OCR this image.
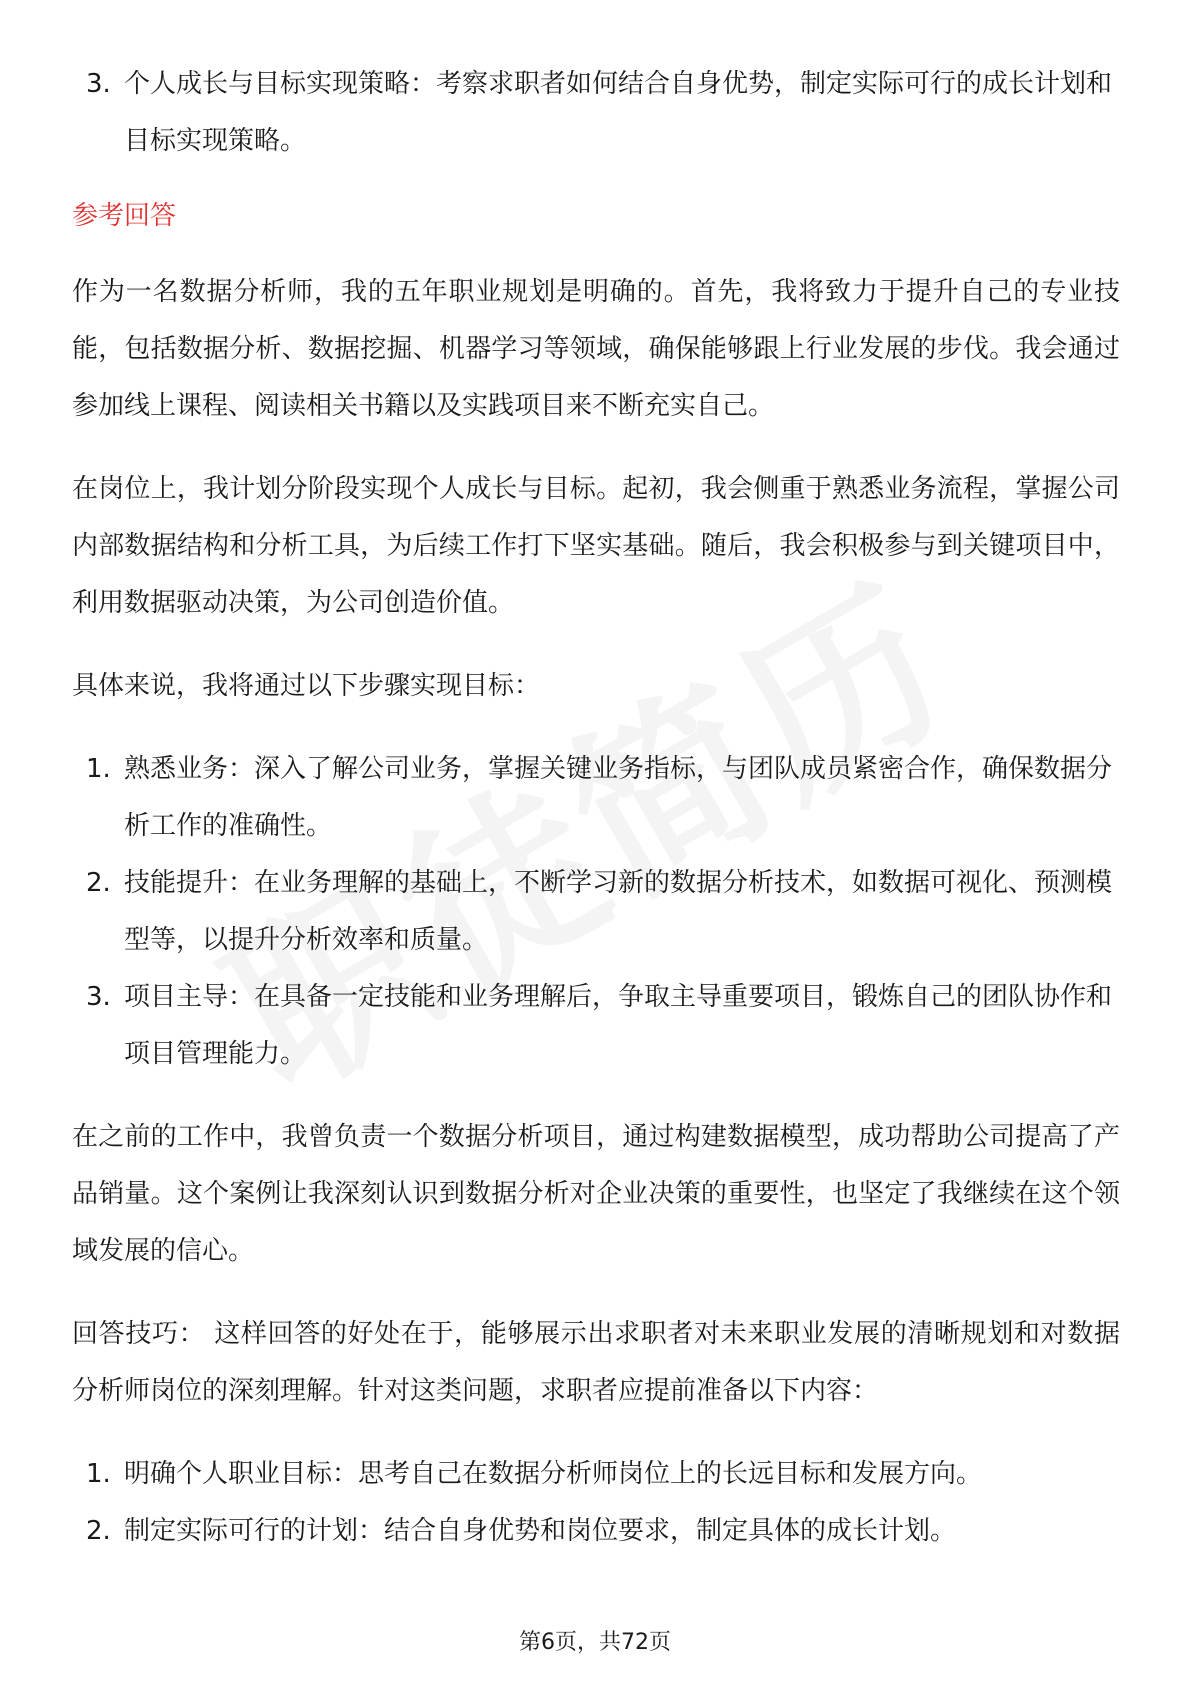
3. 个人成长与目标实现策略：考察求职者如何结合自身优势，制定实际可行的成长计划和目标实现策略。
参考回答

作为一名数据分析师，我的五年职业规划是明确的。首先，我将致力于提升自己的专业技能，包括数据分析、数据挖掘、机器学习等领域，确保能够跟上行业发展的步伐。我会通过参加线上课程、阅读相关书籍以及实践项目来不断充实自己。

在岗位上，我计划分阶段实现个人成长与目标。起初，我会侧重于熟悉业务流程，掌握公司内部数据结构和分析工具，为后续工作打下坚实基础。随后，我会积极参与到关键项目中，利用数据驱动决策，为公司创造价值。

具体来说，我将通过以下步骤实现目标：

1. 熟悉业务：深入了解公司业务，掌握关键业务指标，与团队成员紧密合作，确保数据分析工作的准确性。
2. 技能提升：在业务理解的基础上，不断学习新的数据分析技术，如数据可视化、预测模型等，以提升分析效率和质量。
3. 项目主导：在具备一定技能和业务理解后，争取主导重要项目，锻炼自己的团队协作和项目管理能力。

在之前的工作中，我曾负责一个数据分析项目，通过构建数据模型，成功帮助公司提高了产品销量。这个案例让我深刻认识到数据分析对企业决策的重要性，也坚定了我继续在这个领域发展的信心。

回答技巧： 这样回答的好处在于，能够展示出求职者对未来职业发展的清晰规划和对数据分析师岗位的深刻理解。针对这类问题，求职者应提前准备以下内容：

1. 明确个人职业目标：思考自己在数据分析师岗位上的长远目标和发展方向。
2. 制定实际可行的计划：结合自身优势和岗位要求，制定具体的成长计划。
第6页，共72页
